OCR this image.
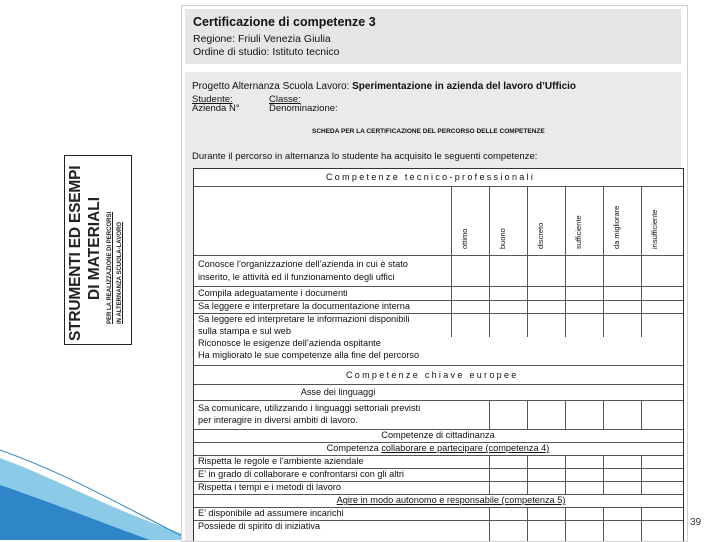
STRUMENTI ED ESEMPI DI MATERIALI PER LA REALIZZAZIONE DI PERCORSI IN ALTERNANZA SCUOLA-LAVORO
Certificazione di competenze 3
Regione: Friuli Venezia Giulia
Ordine di studio: Istituto tecnico
Progetto Alternanza Scuola Lavoro: Sperimentazione in azienda del lavoro d’Ufficio
Studente:	Classe:
Azienda N°	Denominazione:
SCHEDA PER LA CERTIFICAZIONE DEL PERCORSO DELLE COMPETENZE
Durante il percorso in alternanza lo studente ha acquisito le seguenti competenze:
Competenze tecnico-professionali
ottimo	buono	discreto	sufficiente	da migliorare	insufficiente
Conosce l’organizzazione dell’azienda in cui è stato
inserito, le attività ed il funzionamento degli uffici
Compila adeguatamente i documenti
Sa leggere e interpretare la documentazione interna
Sa leggere ed interpretare le informazioni disponibili
sulla stampa e sul web
Riconosce le esigenze dell’azienda ospitante
Ha migliorato le sue competenze alla fine del percorso
Competenze chiave europee
Asse dei linguaggi
Sa comunicare, utilizzando i linguaggi settoriali previsti
per interagire in diversi ambiti di lavoro.
Competenze di cittadinanza
Competenza collaborare e partecipare (competenza 4)
Rispetta le regole e l’ambiente aziendale
E’ in grado di collaborare e confrontarsi con gli altri
Rispetta i tempi e i metodi di lavoro
Agire in modo autonomo e responsabile (competenza 5)
E’ disponibile ad assumere incarichi
Possiede di spirito di iniziativa	39
